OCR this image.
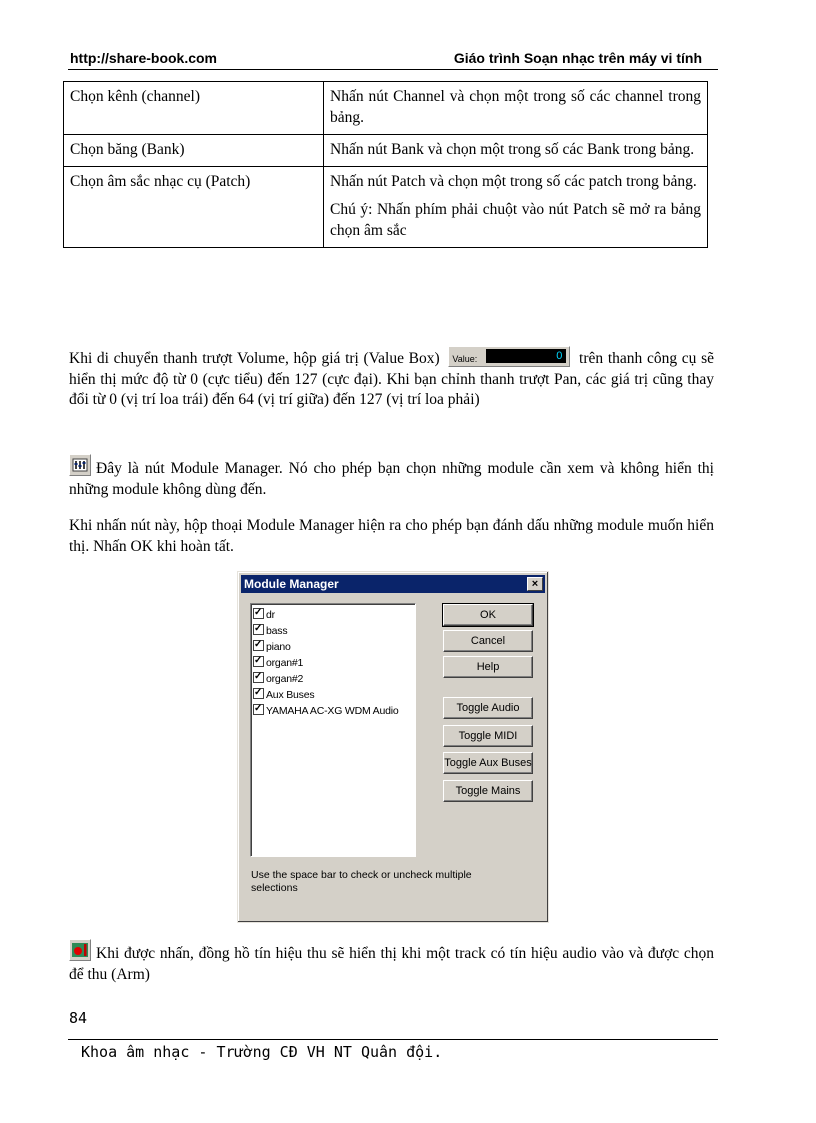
http://share-book.com	Giáo trình Soạn nhạc trên máy vi tính
Chọn kênh (channel)	Nhấn nút Channel và chọn một trong số các channel trong bảng.
Chọn băng (Bank)	Nhấn nút Bank và chọn một trong số các Bank trong bảng.
Chọn âm sắc nhạc cụ (Patch)	Nhấn nút Patch và chọn một trong số các patch trong bảng.
Chú ý: Nhấn phím phải chuột vào nút Patch sẽ mở ra bảng chọn âm sắc
Khi di chuyển thanh trượt Volume, hộp giá trị (Value Box) Value:	0 trên thanh công cụ sẽ hiển thị mức độ từ 0 (cực tiểu) đến 127 (cực đại). Khi bạn chỉnh thanh trượt Pan, các giá trị cũng thay đổi từ 0 (vị trí loa trái) đến 64 (vị trí giữa) đến 127 (vị trí loa phải)
Đây là nút Module Manager. Nó cho phép bạn chọn những module cần xem và không hiển thị những module không dùng đến.
Khi nhấn nút này, hộp thoại Module Manager hiện ra cho phép bạn đánh dấu những module muốn hiển thị. Nhấn OK khi hoàn tất.
Module Manager	×
✓dr
✓bass
✓piano
✓organ#1
✓organ#2
✓Aux Buses
✓YAMAHA AC-XG WDM Audio
OK
Cancel
Help
Toggle Audio
Toggle MIDI
Toggle Aux Buses
Toggle Mains
Use the space bar to check or uncheck multiple selections
Khi được nhấn, đồng hồ tín hiệu thu sẽ hiển thị khi một track có tín hiệu audio vào và được chọn để thu (Arm)
84
Khoa âm nhạc - Trường CĐ VH NT Quân đội.
